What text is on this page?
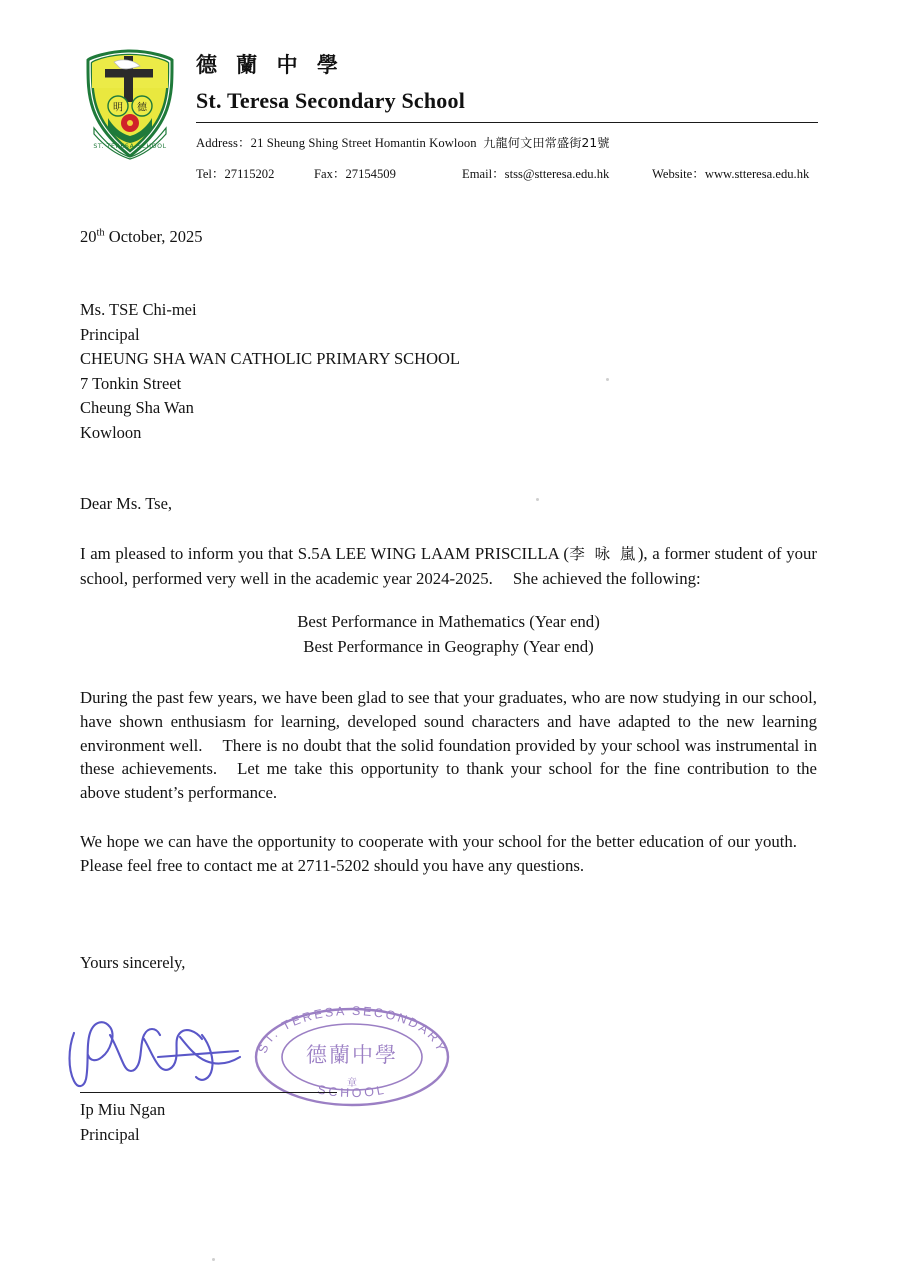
明 德
ST. TERESA SCHOOL
德 蘭 中 學
St. Teresa Secondary School
Address：21 Sheung Shing Street Homantin Kowloon 九龍何文田常盛街21號
Tel：27115202	Fax：27154509	Email：stss@stteresa.edu.hk	Website：www.stteresa.edu.hk
20th October, 2025
Ms. TSE Chi-mei
Principal
CHEUNG SHA WAN CATHOLIC PRIMARY SCHOOL
7 Tonkin Street
Cheung Sha Wan
Kowloon
Dear Ms. Tse,
I am pleased to inform you that S.5A LEE WING LAAM PRISCILLA (李 咏 嵐), a former student of your school, performed very well in the academic year 2024-2025. She achieved the following:
Best Performance in Mathematics (Year end)
Best Performance in Geography (Year end)
During the past few years, we have been glad to see that your graduates, who are now studying in our school, have shown enthusiasm for learning, developed sound characters and have adapted to the new learning environment well. There is no doubt that the solid foundation provided by your school was instrumental in these achievements. Let me take this opportunity to thank your school for the fine contribution to the above student’s performance.
We hope we can have the opportunity to cooperate with your school for the better education of our youth.Please feel free to contact me at 2711-5202 should you have any questions.
Yours sincerely,
ST. TERESA SECONDARY
SCHOOL
德蘭中學
章
Ip Miu Ngan
Principal
